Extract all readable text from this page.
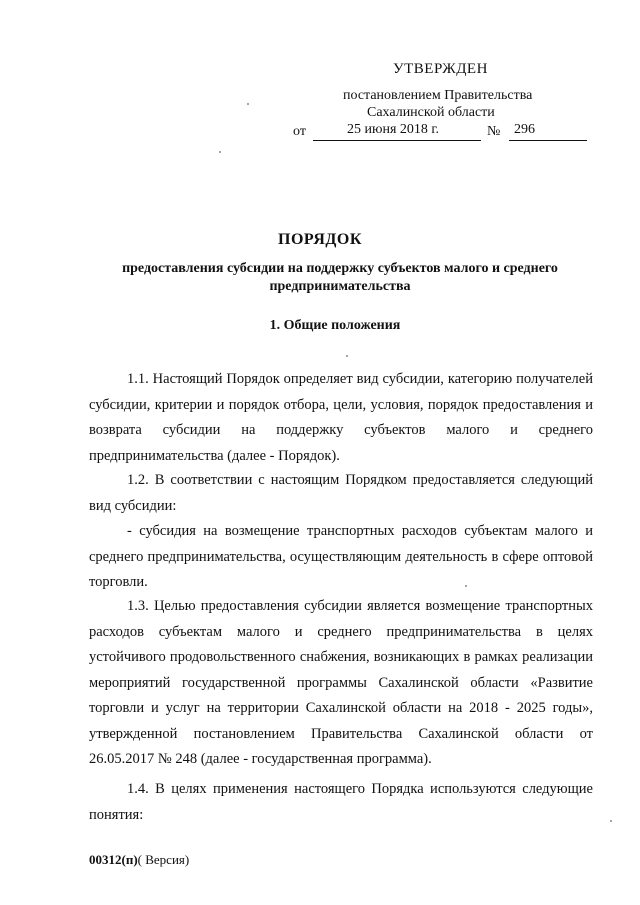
УТВЕРЖДЕН
постановлением Правительства
Сахалинской области
от	25 июня 2018 г.	№ 296
ПОРЯДОК
предоставления субсидии на поддержку субъектов малого и среднего предпринимательства
1. Общие положения
1.1. Настоящий Порядок определяет вид субсидии, категорию получателей субсидии, критерии и порядок отбора, цели, условия, порядок предоставления и возврата субсидии на поддержку субъектов малого и среднего предпринимательства (далее - Порядок).
1.2. В соответствии с настоящим Порядком предоставляется следующий вид субсидии:
- субсидия на возмещение транспортных расходов субъектам малого и среднего предпринимательства, осуществляющим деятельность в сфере оптовой торговли.
1.3. Целью предоставления субсидии является возмещение транспортных расходов субъектам малого и среднего предпринимательства в целях устойчивого продовольственного снабжения, возникающих в рамках реализации мероприятий государственной программы Сахалинской области «Развитие торговли и услуг на территории Сахалинской области на 2018 - 2025 годы», утвержденной постановлением Правительства Сахалинской области от 26.05.2017 № 248 (далее - государственная программа).
1.4. В целях применения настоящего Порядка используются следующие понятия:
00312(п)( Версия)
